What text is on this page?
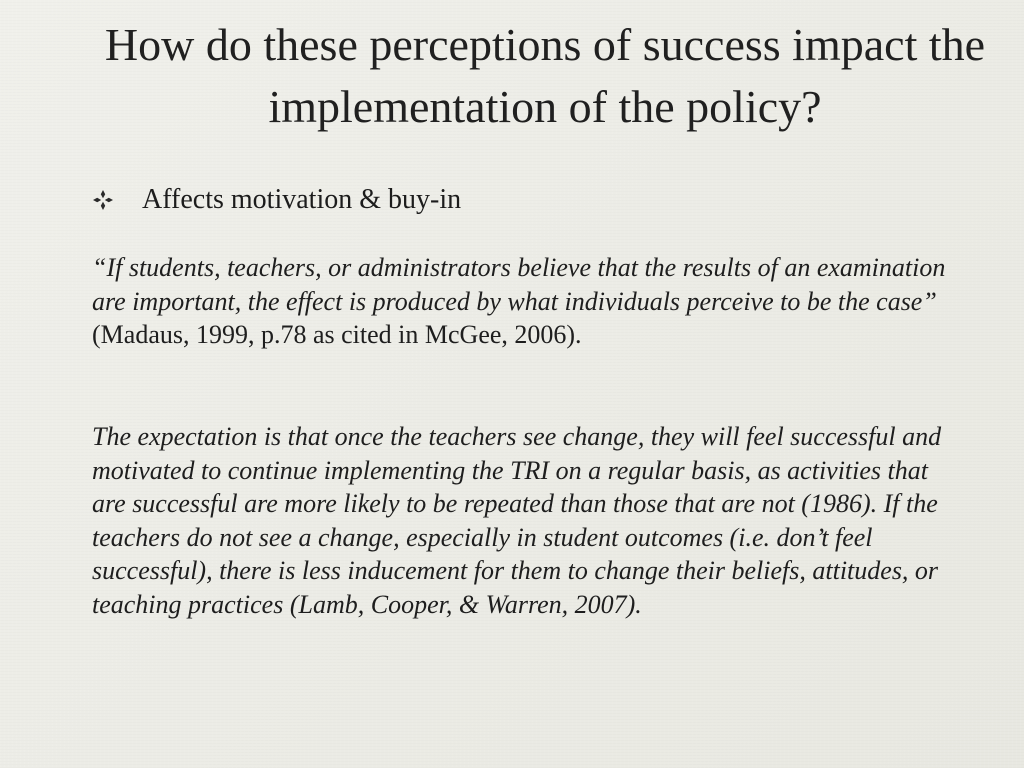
How do these perceptions of success impact the implementation of the policy?
Affects motivation & buy-in

“If students, teachers, or administrators believe that the results of an examination are important, the effect is produced by what individuals perceive to be the case” (Madaus, 1999, p.78 as cited in McGee, 2006).

The expectation is that once the teachers see change, they will feel successful and motivated to continue implementing the TRI on a regular basis, as activities that are successful are more likely to be repeated than those that are not (1986). If the teachers do not see a change, especially in student outcomes (i.e. don’t feel successful), there is less inducement for them to change their beliefs, attitudes, or teaching practices (Lamb, Cooper, & Warren, 2007).
